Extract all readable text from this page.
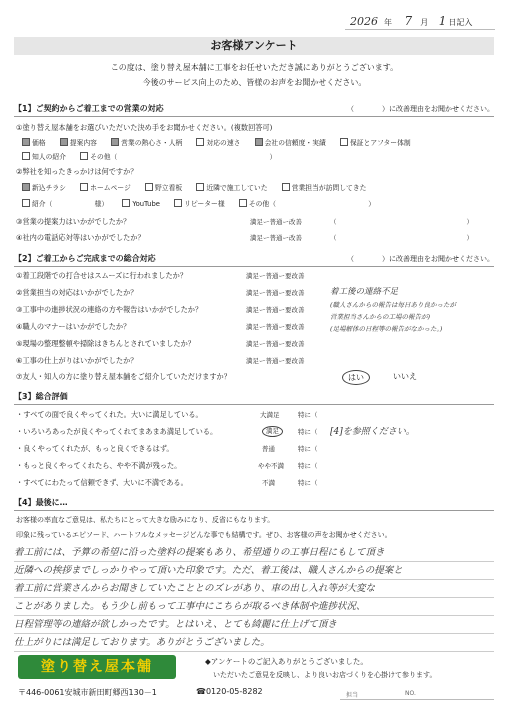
2026 年 7 月 1 日記入
お客様アンケート
この度は、塗り替え屋本舗に工事をお任せいただき誠にありがとうございます。
今後のサービス向上のため、皆様のお声をお聞かせください。
【1】ご契約からご着工までの営業の対応	（　　　　）に改善理由をお聞かせください。
①塗り替え屋本舗をお選びいただいた決め手をお聞かせください。(複数回答可)
価格	提案内容	営業の熱心さ・人柄	対応の速さ	会社の信頼度・実績	保証とアフター体制
知人の紹介	その他（	）
②弊社を知ったきっかけは何ですか？
新込チラシ	ホームページ	野立看板	近隣で施工していた	営業担当が訪問してきた
紹介（	様）	YouTube	リピーター様	その他（	）
③営業の提案力はいかがでしたか？	満足ー普通ー改善	（　　　　　　　　　　　　　　　　　　　　）
④社内の電話応対等はいかがでしたか？	満足ー普通ー改善	（　　　　　　　　　　　　　　　　　　　　）
【2】ご着工からご完成までの総合対応	（　　　　）に改善理由をお聞かせください。
①着工段階での打合せはスムーズに行われましたか？	満足ー普通ー要改善
②営業担当の対応はいかがでしたか？	満足ー普通ー要改善
③工事中の進捗状況の連絡の方や報告はいかがでしたか？	満足ー普通ー要改善
④職人のマナーはいかがでしたか？	満足ー普通ー要改善
⑤現場の整理整頓や掃除はきちんとされていましたか？	満足ー普通ー要改善
⑥工事の仕上がりはいかがでしたか？	満足ー普通ー要改善
⑦友人・知人の方に塗り替え屋本舗をご紹介していただけますか？	はい	いいえ
着工後の連絡不足
(職人さんからの報告は毎日あり良かったが
営業担当さんからの工場の報告が)
(足場解体の日程等の報告がなかった。)
【3】総合評価
・すべての面で良くやってくれた。大いに満足している。	大満足	特に（
・いろいろあったが良くやってくれてまあまあ満足している。	満足	特に（
・良くやってくれたが、もっと良くできるはず。	普通	特に（
・もっと良くやってくれたら、やや不満が残った。	やや不満 特に（
・すべてにわたって信頼できず、大いに不満である。	不満	特に（
[4]を参照ください。
【4】最後に…
お客様の率直なご意見は、私たちにとって大きな励みになり、反省にもなります。
印象に残っているエピソード、ハートフルなメッセージどんな事でも結構です。ぜひ、お客様の声をお聞かせください。
着工前には、予算の希望に沿った塗料の提案もあり、希望通りの工事日程にもして頂き
近隣への挨拶までしっかりやって頂いた印象です。ただ、着工後は、職人さんからの提案と
着工前に営業さんからお聞きしていたこととのズレがあり、車の出し入れ等が大変な
ことがありました。もう少し前もって工事中にこちらが取るべき体制や進捗状況、
日程管理等の連絡が欲しかったです。とはいえ、とても綺麗に仕上げて頂き
仕上がりには満足しております。ありがとうございました。
塗り替え屋本舗	◆アンケートのご記入ありがとうございました。
いただいたご意見を反映し、より良いお店づくりを心掛けて参ります。
〒446-0061安城市新田町郷西130－1	☎0120-05-8282	担当	NO.
